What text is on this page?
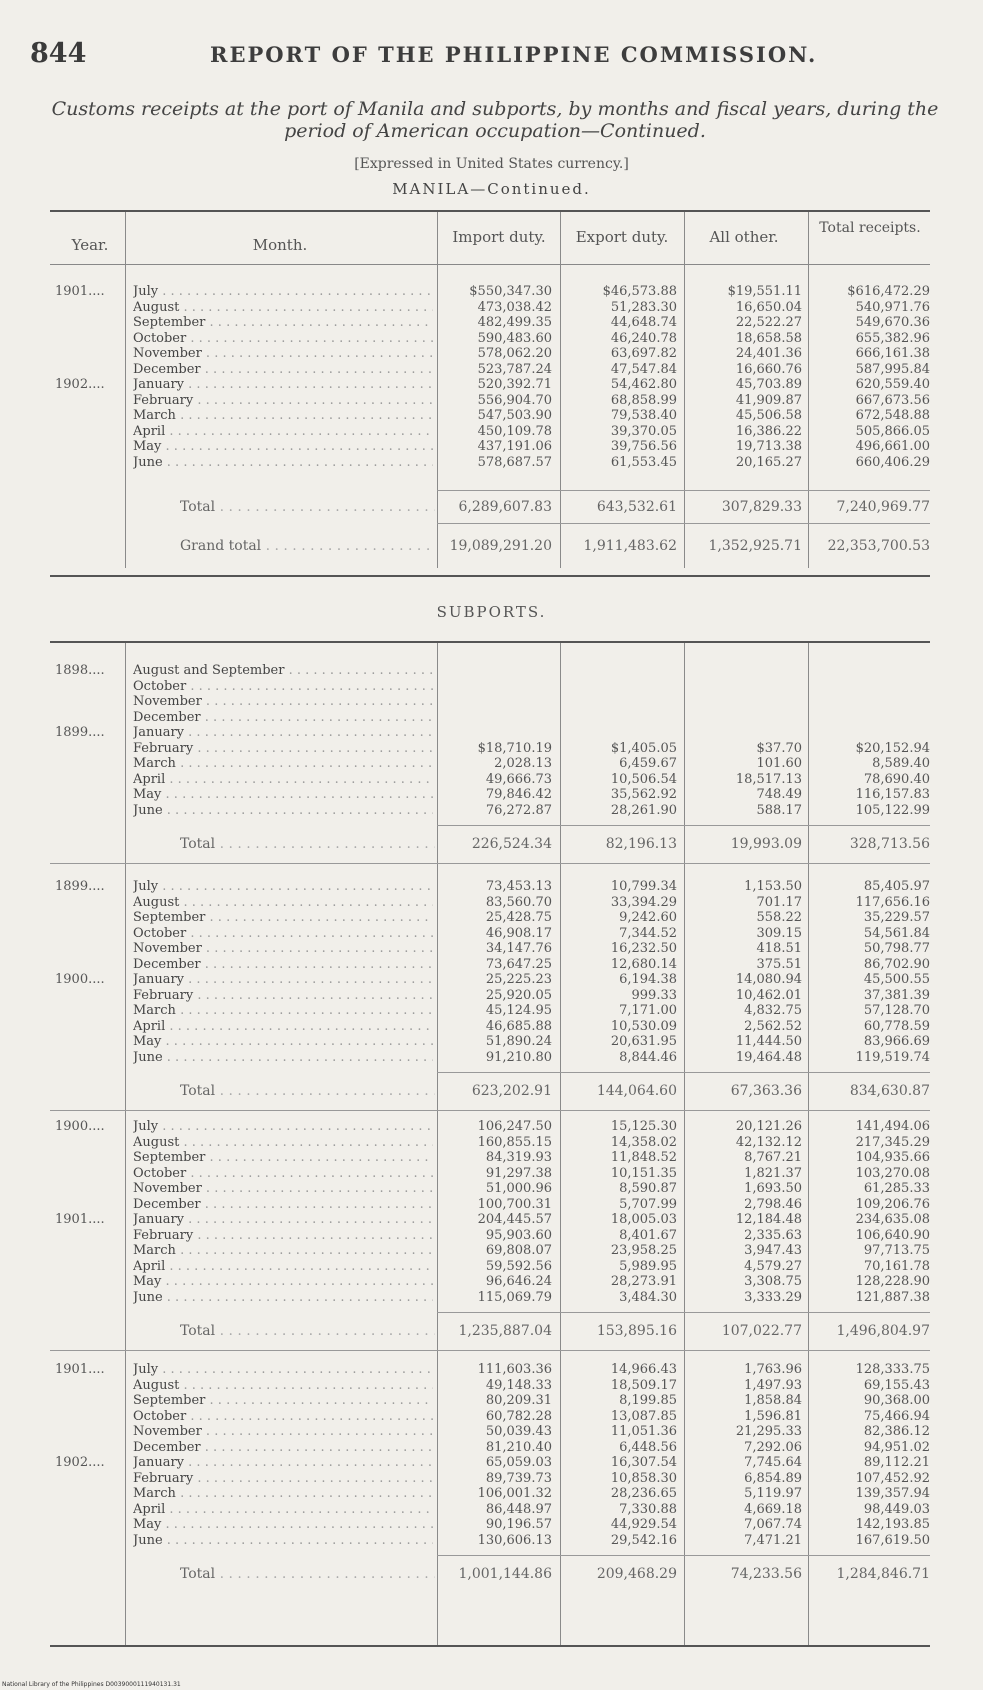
844	REPORT OF THE PHILIPPINE COMMISSION.
Customs receipts at the port of Manila and subports, by months and fiscal years, during the period of American occupation—Continued.
[Expressed in United States currency.]
MANILA—Continued.
Year.	Month.	Import duty.	Export duty.	All other.	Total receipts.
1901....	July . . .	$550,347.30	$46,573.88	$19,551.11	$616,472.29
August . . .	473,038.42	51,283.30	16,650.04	540,971.76
September . . .	482,499.35	44,648.74	22,522.27	549,670.36
October . . .	590,483.60	46,240.78	18,658.58	655,382.96
November . . .	578,062.20	63,697.82	24,401.36	666,161.38
December . . .	523,787.24	47,547.84	16,660.76	587,995.84
1902....	January . . .	520,392.71	54,462.80	45,703.89	620,559.40
February . . .	556,904.70	68,858.99	41,909.87	667,673.56
March . . .	547,503.90	79,538.40	45,506.58	672,548.88
April . . .	450,109.78	39,370.05	16,386.22	505,866.05
May . . .	437,191.06	39,756.56	19,713.38	496,661.00
June . . .	578,687.57	61,553.45	20,165.27	660,406.29
Total . . .	6,289,607.83	643,532.61	307,829.33	7,240,969.77
Grand total . . .	19,089,291.20	1,911,483.62	1,352,925.71	22,353,700.53
SUBPORTS.
1898....	August and September . . .
October . . .
November . . .
December . . .
1899....	January . . .
February . . .	$18,710.19	$1,405.05	$37.70	$20,152.94
March . . .	2,028.13	6,459.67	101.60	8,589.40
April . . .	49,666.73	10,506.54	18,517.13	78,690.40
May . . .	79,846.42	35,562.92	748.49	116,157.83
June . . .	76,272.87	28,261.90	588.17	105,122.99
Total . . .	226,524.34	82,196.13	19,993.09	328,713.56
1899....	July . . .	73,453.13	10,799.34	1,153.50	85,405.97
August . . .	83,560.70	33,394.29	701.17	117,656.16
September . . .	25,428.75	9,242.60	558.22	35,229.57
October . . .	46,908.17	7,344.52	309.15	54,561.84
November . . .	34,147.76	16,232.50	418.51	50,798.77
December . . .	73,647.25	12,680.14	375.51	86,702.90
1900....	January . . .	25,225.23	6,194.38	14,080.94	45,500.55
February . . .	25,920.05	999.33	10,462.01	37,381.39
March . . .	45,124.95	7,171.00	4,832.75	57,128.70
April . . .	46,685.88	10,530.09	2,562.52	60,778.59
May . . .	51,890.24	20,631.95	11,444.50	83,966.69
June . . .	91,210.80	8,844.46	19,464.48	119,519.74
Total . . .	623,202.91	144,064.60	67,363.36	834,630.87
1900....	July . . .	106,247.50	15,125.30	20,121.26	141,494.06
August . . .	160,855.15	14,358.02	42,132.12	217,345.29
September . . .	84,319.93	11,848.52	8,767.21	104,935.66
October . . .	91,297.38	10,151.35	1,821.37	103,270.08
November . . .	51,000.96	8,590.87	1,693.50	61,285.33
December . . .	100,700.31	5,707.99	2,798.46	109,206.76
1901....	January . . .	204,445.57	18,005.03	12,184.48	234,635.08
February . . .	95,903.60	8,401.67	2,335.63	106,640.90
March . . .	69,808.07	23,958.25	3,947.43	97,713.75
April . . .	59,592.56	5,989.95	4,579.27	70,161.78
May . . .	96,646.24	28,273.91	3,308.75	128,228.90
June . . .	115,069.79	3,484.30	3,333.29	121,887.38
Total . . .	1,235,887.04	153,895.16	107,022.77	1,496,804.97
1901....	July . . .	111,603.36	14,966.43	1,763.96	128,333.75
August . . .	49,148.33	18,509.17	1,497.93	69,155.43
September . . .	80,209.31	8,199.85	1,858.84	90,368.00
October . . .	60,782.28	13,087.85	1,596.81	75,466.94
November . . .	50,039.43	11,051.36	21,295.33	82,386.12
December . . .	81,210.40	6,448.56	7,292.06	94,951.02
1902....	January . . .	65,059.03	16,307.54	7,745.64	89,112.21
February . . .	89,739.73	10,858.30	6,854.89	107,452.92
March . . .	106,001.32	28,236.65	5,119.97	139,357.94
April . . .	86,448.97	7,330.88	4,669.18	98,449.03
May . . .	90,196.57	44,929.54	7,067.74	142,193.85
June . . .	130,606.13	29,542.16	7,471.21	167,619.50
Total . . .	1,001,144.86	209,468.29	74,233.56	1,284,846.71
National Library of the Philippines D0039000111940131.31
